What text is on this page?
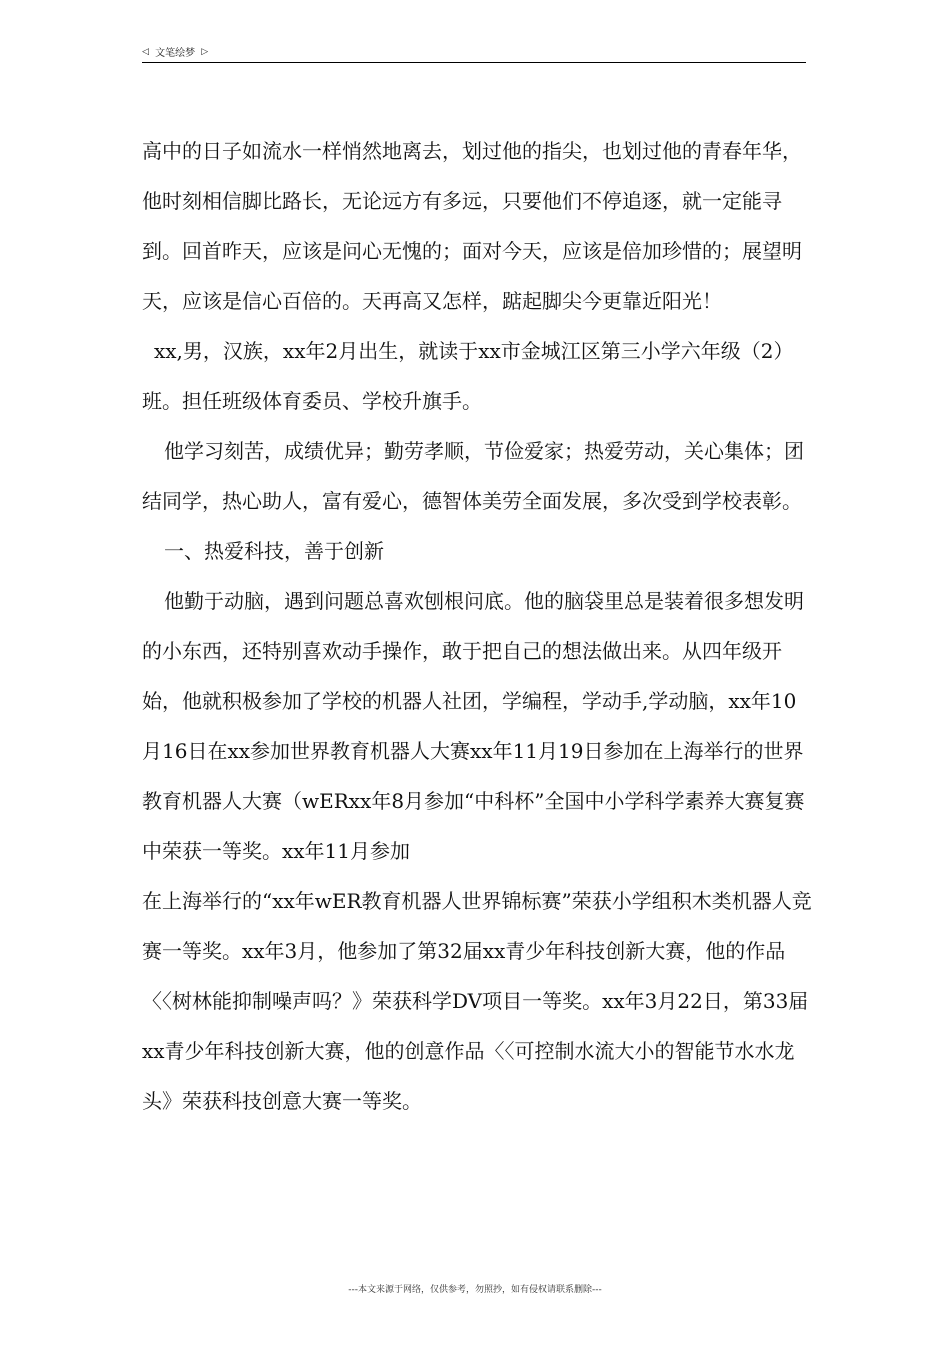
◁ 文笔绘梦 ▷

高中的日子如流水一样悄然地离去，划过他的指尖，也划过他的青春年华，他时刻相信脚比路长，无论远方有多远，只要他们不停追逐，就一定能寻到。回首昨天，应该是问心无愧的；面对今天，应该是倍加珍惜的；展望明天，应该是信心百倍的。天再高又怎样，踮起脚尖今更靠近阳光！

xx,男，汉族，xx年2月出生，就读于xx市金城江区第三小学六年级（2）班。担任班级体育委员、学校升旗手。

他学习刻苦，成绩优异；勤劳孝顺，节俭爱家；热爱劳动，关心集体；团结同学，热心助人，富有爱心，德智体美劳全面发展，多次受到学校表彰。

一、热爱科技，善于创新

他勤于动脑，遇到问题总喜欢刨根问底。他的脑袋里总是装着很多想发明的小东西，还特别喜欢动手操作，敢于把自己的想法做出来。从四年级开始，他就积极参加了学校的机器人社团，学编程，学动手,学动脑，xx年10月16日在xx参加世界教育机器人大赛xx年11月19日参加在上海举行的世界教育机器人大赛（wERxx年8月参加“中科杯”全国中小学科学素养大赛复赛中荣获一等奖。xx年11月参加

在上海举行的“xx年wER教育机器人世界锦标赛”荣获小学组积木类机器人竞赛一等奖。xx年3月，他参加了第32届xx青少年科技创新大赛，他的作品〈〈树林能抑制噪声吗？》荣获科学DV项目一等奖。xx年3月22日，第33届xx青少年科技创新大赛，他的创意作品〈〈可控制水流大小的智能节水水龙头》荣获科技创意大赛一等奖。

---本文来源于网络，仅供参考，勿照抄，如有侵权请联系删除---
